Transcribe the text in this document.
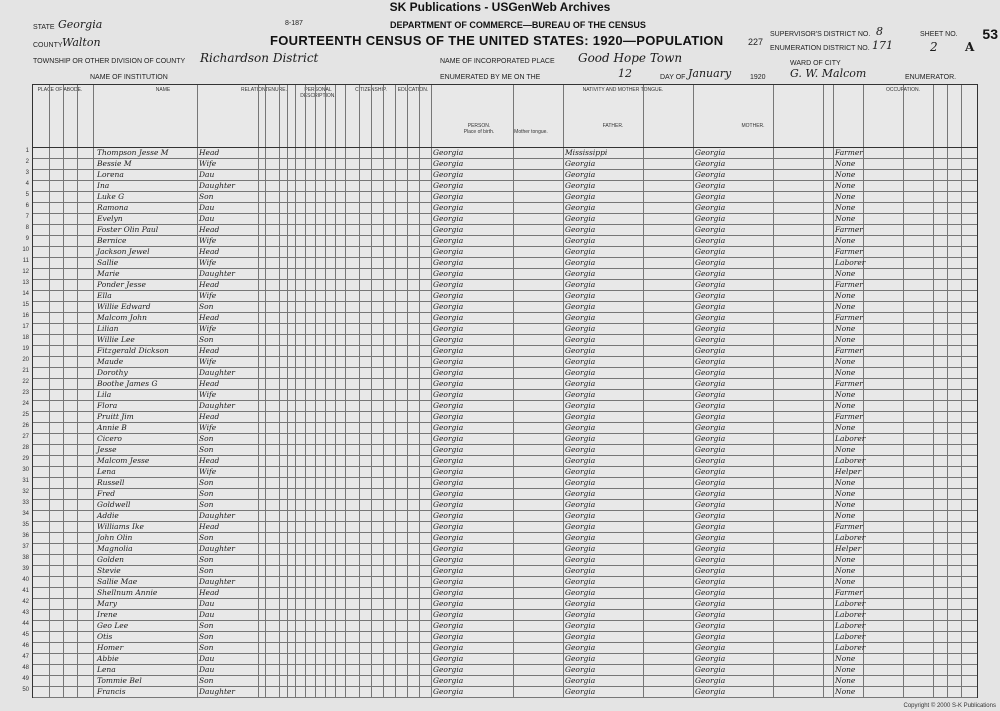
SK Publications - USGenWeb Archives
8-187	DEPARTMENT OF COMMERCE—BUREAU OF THE CENSUS
FOURTEENTH CENSUS OF THE UNITED STATES: 1920—POPULATION	227
STATE Georgia
COUNTY Walton
TOWNSHIP OR OTHER DIVISION OF COUNTY Richardson District	NAME OF INCORPORATED PLACE Good Hope Town
NAME OF INSTITUTION	ENUMERATED BY ME ON THE	12	DAY OF January	1920 G. W. Malcom	ENUMERATOR.
SUPERVISOR'S DISTRICT NO. 8
ENUMERATION DISTRICT NO. 171
WARD OF CITY
SHEET NO.
2 A
53
PLACE OF ABODE.	NAME	RELATION.
TENURE.	PERSONAL DESCRIPTION.
CITIZENSHIP.	EDUCATION.	NATIVITY AND MOTHER TONGUE.
PERSON.
Place of birth.	Mother tongue.
FATHER.	MOTHER.
OCCUPATION.
1	Thompson Jesse M	Head	Georgia	Mississippi	Georgia	Farmer
2	Bessie M	Wife	Georgia	Georgia	Georgia	None
3	Lorena	Dau	Georgia	Georgia	Georgia	None
4	Ina	Daughter	Georgia	Georgia	Georgia	None
5	Luke G	Son	Georgia	Georgia	Georgia	None
6	Ramona	Dau	Georgia	Georgia	Georgia	None
7	Evelyn	Dau	Georgia	Georgia	Georgia	None
8	Foster Olin Paul	Head	Georgia	Georgia	Georgia	Farmer
9	Bernice	Wife	Georgia	Georgia	Georgia	None
10	Jackson Jewel	Head	Georgia	Georgia	Georgia	Farmer
11	Sallie	Wife	Georgia	Georgia	Georgia	Laborer
12	Marie	Daughter	Georgia	Georgia	Georgia	None
13	Ponder Jesse	Head	Georgia	Georgia	Georgia	Farmer
14	Ella	Wife	Georgia	Georgia	Georgia	None
15	Willie Edward	Son	Georgia	Georgia	Georgia	None
16	Malcom John	Head	Georgia	Georgia	Georgia	Farmer
17	Lilian	Wife	Georgia	Georgia	Georgia	None
18	Willie Lee	Son	Georgia	Georgia	Georgia	None
19	Fitzgerald Dickson	Head	Georgia	Georgia	Georgia	Farmer
20	Maude	Wife	Georgia	Georgia	Georgia	None
21	Dorothy	Daughter	Georgia	Georgia	Georgia	None
22	Boothe James G	Head	Georgia	Georgia	Georgia	Farmer
23	Lila	Wife	Georgia	Georgia	Georgia	None
24	Flora	Daughter	Georgia	Georgia	Georgia	None
25	Pruitt Jim	Head	Georgia	Georgia	Georgia	Farmer
26	Annie B	Wife	Georgia	Georgia	Georgia	None
27	Cicero	Son	Georgia	Georgia	Georgia	Laborer
28	Jesse	Son	Georgia	Georgia	Georgia	None
29	Malcom Jesse	Head	Georgia	Georgia	Georgia	Laborer
30	Lena	Wife	Georgia	Georgia	Georgia	Helper
31	Russell	Son	Georgia	Georgia	Georgia	None
32	Fred	Son	Georgia	Georgia	Georgia	None
33	Goldwell	Son	Georgia	Georgia	Georgia	None
34	Addie	Daughter	Georgia	Georgia	Georgia	None
35	Williams Ike	Head	Georgia	Georgia	Georgia	Farmer
36	John Olin	Son	Georgia	Georgia	Georgia	Laborer
37	Magnolia	Daughter	Georgia	Georgia	Georgia	Helper
38	Golden	Son	Georgia	Georgia	Georgia	None
39	Stevie	Son	Georgia	Georgia	Georgia	None
40	Sallie Mae	Daughter	Georgia	Georgia	Georgia	None
41	Shellnum Annie	Head	Georgia	Georgia	Georgia	Farmer
42	Mary	Dau	Georgia	Georgia	Georgia	Laborer
43	Irene	Dau	Georgia	Georgia	Georgia	Laborer
44	Geo Lee	Son	Georgia	Georgia	Georgia	Laborer
45	Otis	Son	Georgia	Georgia	Georgia	Laborer
46	Homer	Son	Georgia	Georgia	Georgia	Laborer
47	Abbie	Dau	Georgia	Georgia	Georgia	None
48	Lena	Dau	Georgia	Georgia	Georgia	None
49	Tommie Bel	Son	Georgia	Georgia	Georgia	None
50	Francis	Daughter	Georgia	Georgia	Georgia	None
Copyright © 2000 S-K Publications
